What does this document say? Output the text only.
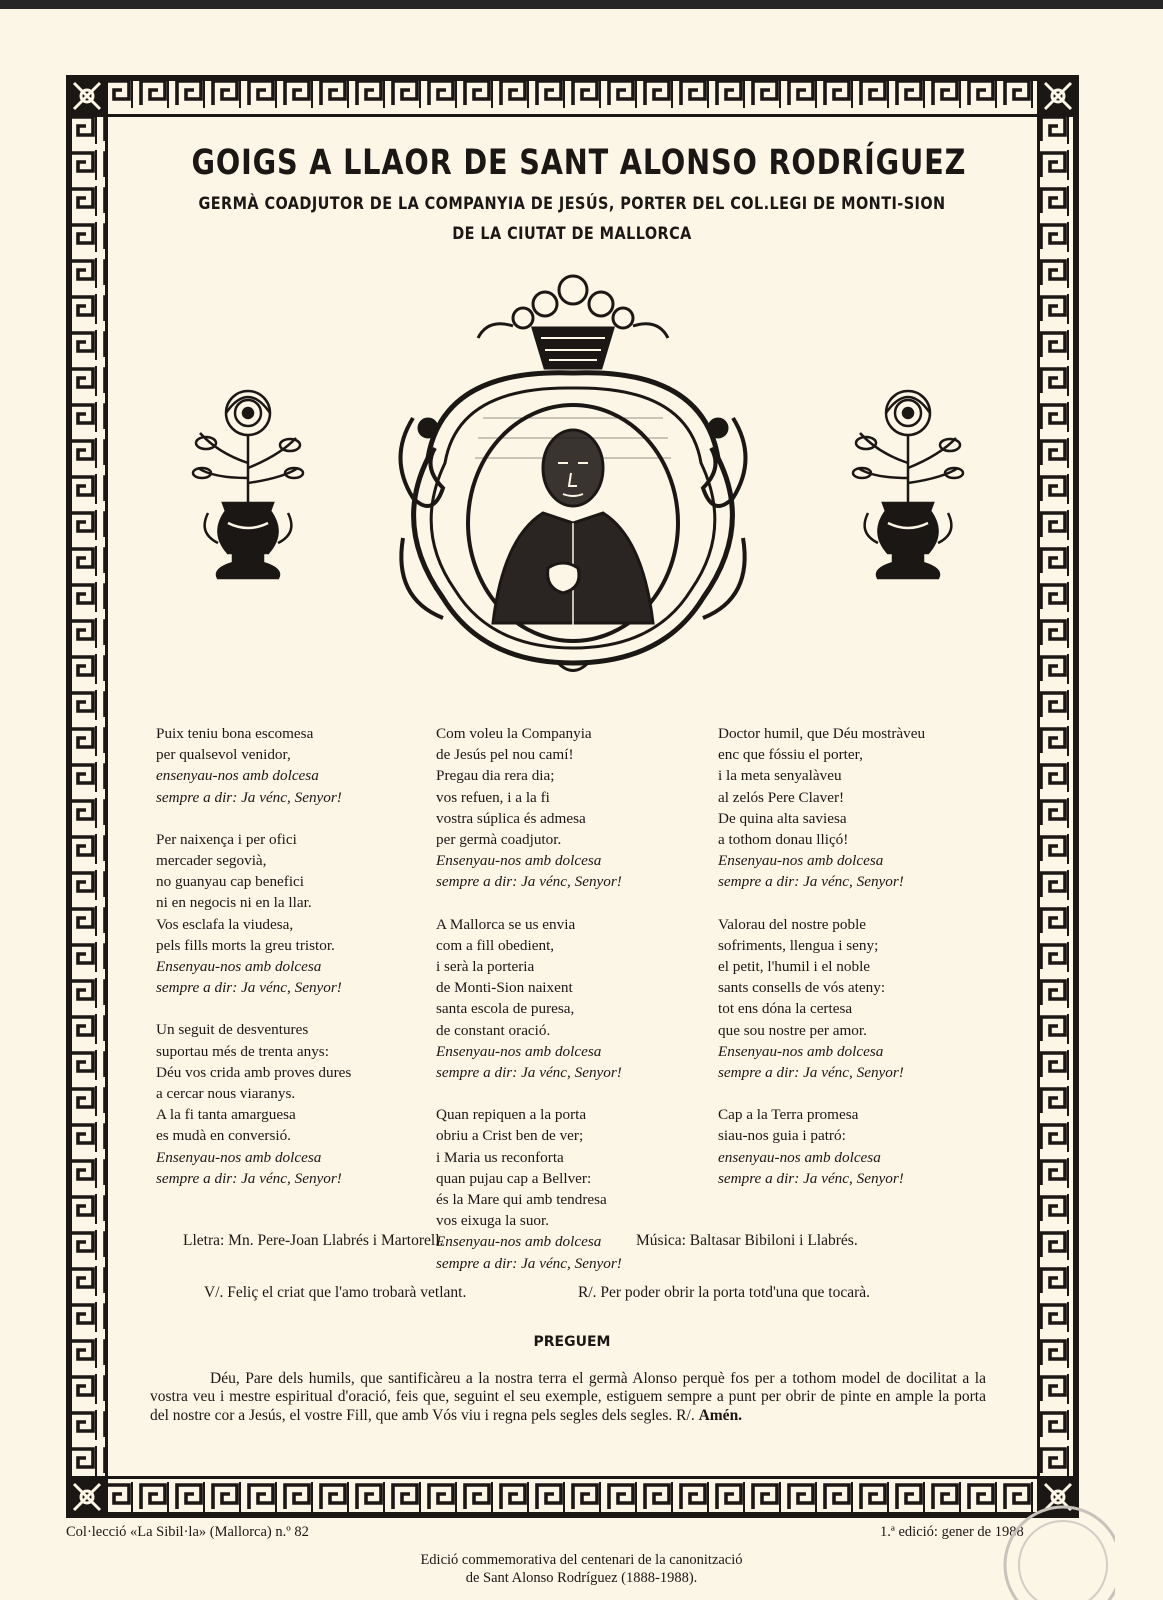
GOIGS A LLAOR DE SANT ALONSO RODRÍGUEZ
GERMÀ COADJUTOR DE LA COMPANYIA DE JESÚS, PORTER DEL COL.LEGI DE MONTI-SION
DE LA CIUTAT DE MALLORCA

Puix teniu bona escomesa
per qualsevol venidor,
ensenyau-nos amb dolcesa
sempre a dir: Ja vénc, Senyor!

Per naixença i per ofici
mercader segovià,
no guanyau cap benefici
ni en negocis ni en la llar.
Vos esclafa la viudesa,
pels fills morts la greu tristor.
Ensenyau-nos amb dolcesa
sempre a dir: Ja vénc, Senyor!

Un seguit de desventures
suportau més de trenta anys:
Déu vos crida amb proves dures
a cercar nous viaranys.
A la fi tanta amarguesa
es mudà en conversió.
Ensenyau-nos amb dolcesa
sempre a dir: Ja vénc, Senyor!

Com voleu la Companyia
de Jesús pel nou camí!
Pregau dia rera dia;
vos refuen, i a la fi
vostra súplica és admesa
per germà coadjutor.
Ensenyau-nos amb dolcesa
sempre a dir: Ja vénc, Senyor!

A Mallorca se us envia
com a fill obedient,
i serà la porteria
de Monti-Sion naixent
santa escola de puresa,
de constant oració.
Ensenyau-nos amb dolcesa
sempre a dir: Ja vénc, Senyor!

Quan repiquen a la porta
obriu a Crist ben de ver;
i Maria us reconforta
quan pujau cap a Bellver:
és la Mare qui amb tendresa
vos eixuga la suor.
Ensenyau-nos amb dolcesa
sempre a dir: Ja vénc, Senyor!

Doctor humil, que Déu mostràveu
enc que fóssiu el porter,
i la meta senyalàveu
al zelós Pere Claver!
De quina alta saviesa
a tothom donau lliçó!
Ensenyau-nos amb dolcesa
sempre a dir: Ja vénc, Senyor!

Valorau del nostre poble
sofriments, llengua i seny;
el petit, l'humil i el noble
sants consells de vós ateny:
tot ens dóna la certesa
que sou nostre per amor.
Ensenyau-nos amb dolcesa
sempre a dir: Ja vénc, Senyor!

Cap a la Terra promesa
siau-nos guia i patró:
ensenyau-nos amb dolcesa
sempre a dir: Ja vénc, Senyor!

Lletra: Mn. Pere-Joan Llabrés i Martorell.	Música: Baltasar Bibiloni i Llabrés.
V/. Feliç el criat que l'amo trobarà vetlant.	R/. Per poder obrir la porta totd'una que tocarà.
PREGUEM
Déu, Pare dels humils, que santificàreu a la nostra terra el germà Alonso perquè fos per a tothom model de docilitat a la vostra veu i mestre espiritual d'oració, feis que, seguint el seu exemple, estiguem sempre a punt per obrir de pinte en ample la porta del nostre cor a Jesús, el vostre Fill, que amb Vós viu i regna pels segles dels segles. R/. Amén.
Col·lecció «La Sibil·la» (Mallorca) n.º 82	1.ª edició: gener de 1988
Edició commemorativa del centenari de la canonització
de Sant Alonso Rodríguez (1888-1988).
